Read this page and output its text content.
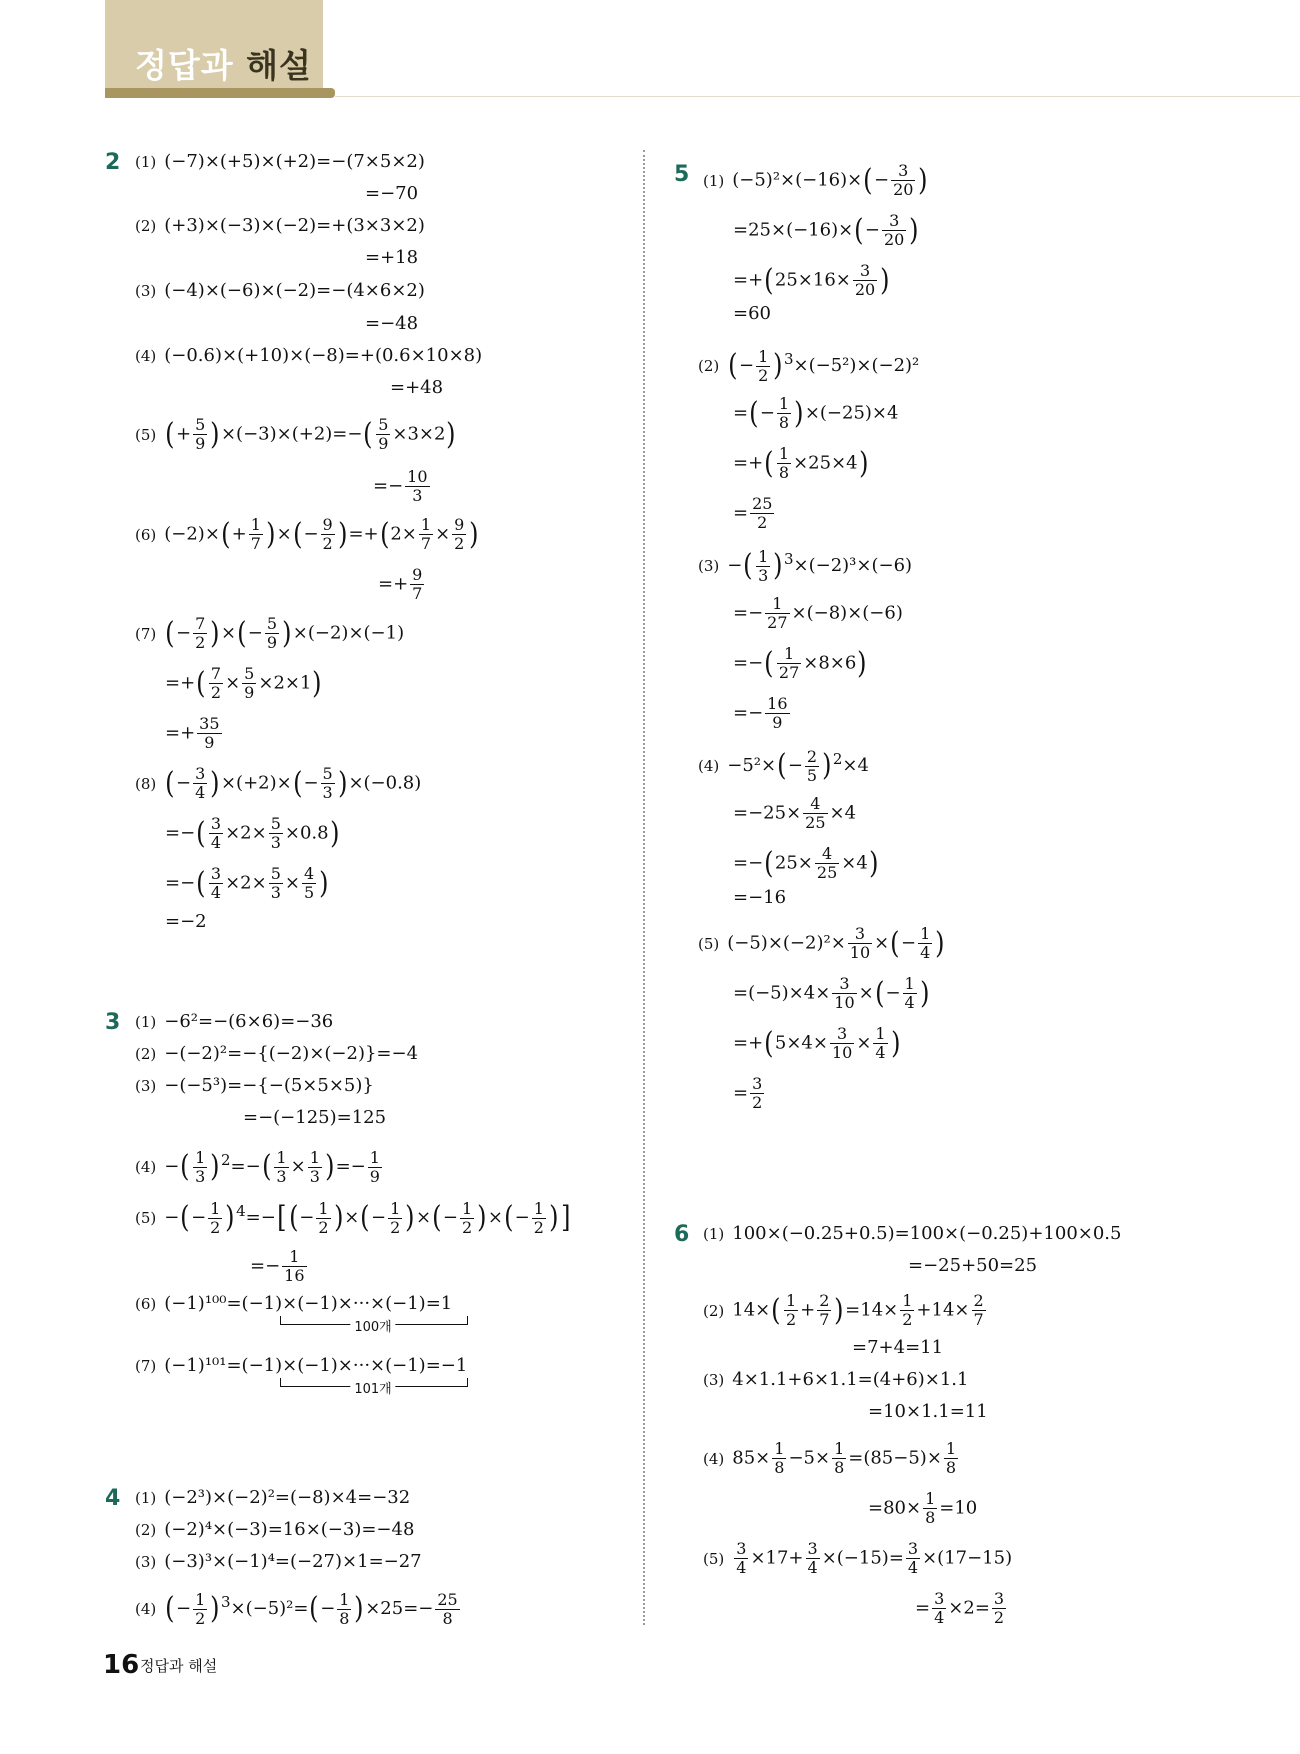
정답과 해설
2 (1) (−7)×(+5)×(+2)=−(7×5×2)
=−70
(2) (+3)×(−3)×(−2)=+(3×3×2)
=+18
(3) (−4)×(−6)×(−2)=−(4×6×2)
=−48
(4) (−0.6)×(+10)×(−8)=+(0.6×10×8)
=+48
(5) (+ $\frac{5}{9} )\times(-3)\times(+2)=-( \frac{5}{9} \times 3\times 2)$
=− $\frac{10}{3}$
(6) $(-2)\times(+ \frac{1}{7}$ )×(− $\frac{9}{2} )=+(2\times \frac{1}{7} \times \frac{9}{2}$ )
=+ $\frac{9}{7}$
(7) (− $\frac{7}{2}$ )×(− $\frac{5}{9} )\times(-2)\times(-1)$
=+( $\frac{7}{2} \times \frac{5}{9} \times 2\times 1$)
=+ $\frac{35}{9}$
(8) (− $\frac{3}{4} )\times(+2)\times(- \frac{5}{3} )\times(-0.8)$
=−( $\frac{3}{4} \times 2\times \frac{5}{3} \times 0.8$)
=−( $\frac{3}{4} \times 2\times \frac{5}{3} \times \frac{4}{5}$ )
=−2
3 (1) −6²=−(6×6)=−36
(2) −(−2)²=−{(−2)×(−2)}=−4
(3) −(−5³)=−{−(5×5×5)}
=−(−125)=125
(4) −( $\frac{1}{3} )^2=-( \frac{1}{3} \times \frac{1}{3}$ )=− $\frac{1}{9}$
(5) −(− $\frac{1}{2} )^4=-[(- \frac{1}{2}$ )×(− $\frac{1}{2}$ )×(− $\frac{1}{2}$ )×(− $\frac{1}{2}$ )]
=− $\frac{1}{16}$
(6) (−1)¹⁰⁰=(−1)×(−1)×···×(−1)=1
100개
(7) (−1)¹⁰¹=(−1)×(−1)×···×(−1)=−1
101개
4 (1) (−2³)×(−2)²=(−8)×4=−32
(2) (−2)⁴×(−3)=16×(−3)=−48
(3) (−3)³×(−1)⁴=(−27)×1=−27
(4) (− $\frac{1}{2} )^3\times(-5)^2=(- \frac{1}{8} )\times 25=- \frac{25}{8}$
5 (1) $(-5)^2\times(-16)\times(- \frac{3}{20}$ )
$=25\times(-16)\times(- \frac{3}{20}$ )
$=+(25\times 16\times \frac{3}{20}$ )
=60
(2) (− $\frac{1}{2} )^3\times(-5^2)\times(-2)^2$
=(− $\frac{1}{8} )\times(-25)\times 4$
=+( $\frac{1}{8} \times 25\times 4$)
= $\frac{25}{2}$
(3) −( $\frac{1}{3} )^3\times(-2)^3\times(-6)$
=− $\frac{1}{27} \times(-8)\times(-6)$
=−( $\frac{1}{27} \times 8\times 6$)
=− $\frac{16}{9}$
$(4) -5^2\times(- \frac{2}{5} )^2\times 4$
$=-25\times \frac{4}{25} \times 4$
$=-(25\times \frac{4}{25} \times 4)$
=−16
(5) $(-5)\times(-2)^2\times \frac{3}{10}$ ×(− $\frac{1}{4}$ )
$=(-5)\times 4\times \frac{3}{10}$ ×(− $\frac{1}{4}$ )
$=+(5\times 4\times \frac{3}{10} \times \frac{1}{4}$ )
= $\frac{3}{2}$
6 (1) 100×(−0.25+0.5)=100×(−0.25)+100×0.5
=−25+50=25
(2) $14\times( \frac{1}{2} + \frac{2}{7} )=14\times \frac{1}{2} +14\times \frac{2}{7}$
=7+4=11
(3) 4×1.1+6×1.1=(4+6)×1.1
=10×1.1=11
(4) $85\times \frac{1}{8} -5\times \frac{1}{8} =(85-5)\times \frac{1}{8}$
$=80\times \frac{1}{8} =10$
$(5) \frac{3}{4} \times 17+ \frac{3}{4} \times(-15)= \frac{3}{4} \times(17-15)$
= $\frac{3}{4} \times 2= \frac{3}{2}$
16 정답과 해설
